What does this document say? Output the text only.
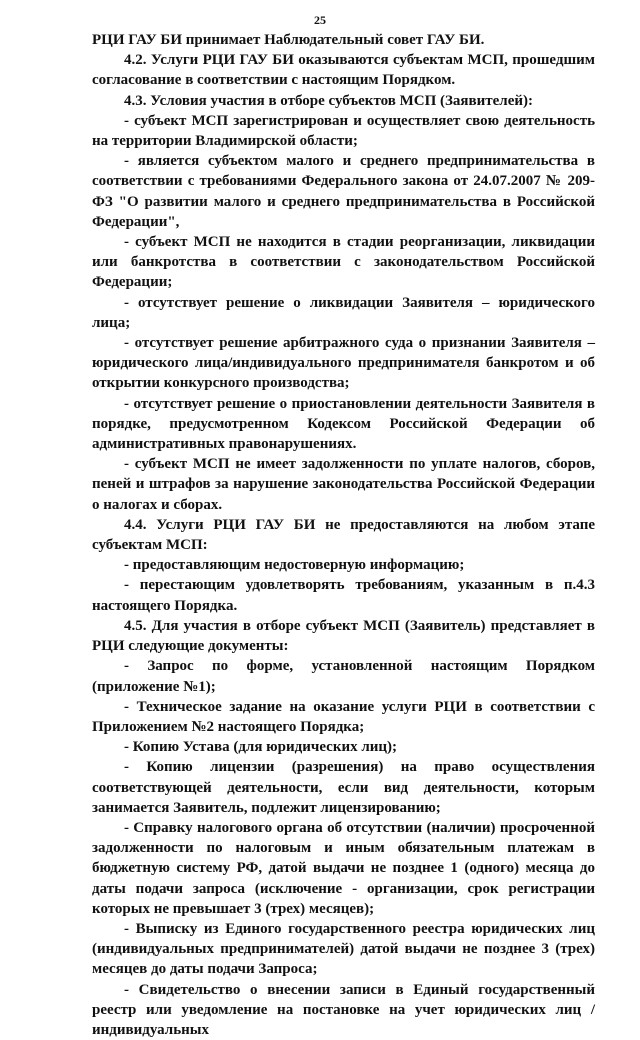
25

РЦИ ГАУ БИ принимает Наблюдательный совет ГАУ БИ.

4.2. Услуги РЦИ ГАУ БИ оказываются субъектам МСП, прошедшим согласование в соответствии с настоящим Порядком.

4.3. Условия участия в отборе субъектов МСП (Заявителей):

- субъект МСП зарегистрирован и осуществляет свою деятельность на территории Владимирской области;

- является субъектом малого и среднего предпринимательства в соответствии с требованиями Федерального закона от 24.07.2007 № 209-ФЗ "О развитии малого и среднего предпринимательства в Российской Федерации",

- субъект МСП не находится в стадии реорганизации, ликвидации или банкротства в соответствии с законодательством Российской Федерации;

- отсутствует решение о ликвидации Заявителя – юридического лица;

- отсутствует решение арбитражного суда о признании Заявителя – юридического лица/индивидуального предпринимателя банкротом и об открытии конкурсного производства;

- отсутствует решение о приостановлении деятельности Заявителя в порядке, предусмотренном Кодексом Российской Федерации об административных правонарушениях.

- субъект МСП не имеет задолженности по уплате налогов, сборов, пеней и штрафов за нарушение законодательства Российской Федерации о налогах и сборах.

4.4. Услуги РЦИ ГАУ БИ не предоставляются на любом этапе субъектам МСП:

- предоставляющим недостоверную информацию;

- перестающим удовлетворять требованиям, указанным в п.4.3 настоящего Порядка.

4.5. Для участия в отборе субъект МСП (Заявитель) представляет в РЦИ следующие документы:

- Запрос по форме, установленной настоящим Порядком (приложение №1);

- Техническое задание на оказание услуги РЦИ в соответствии с Приложением №2 настоящего Порядка;

- Копию Устава (для юридических лиц);

- Копию лицензии (разрешения) на право осуществления соответствующей деятельности, если вид деятельности, которым занимается Заявитель, подлежит лицензированию;

- Справку налогового органа об отсутствии (наличии) просроченной задолженности по налоговым и иным обязательным платежам в бюджетную систему РФ, датой выдачи не позднее 1 (одного) месяца до даты подачи запроса (исключение - организации, срок регистрации которых не превышает 3 (трех) месяцев);

- Выписку из Единого государственного реестра юридических лиц (индивидуальных предпринимателей) датой выдачи не позднее 3 (трех) месяцев до даты подачи Запроса;

- Свидетельство о внесении записи в Единый государственный реестр или уведомление на постановке на учет юридических лиц / индивидуальных
